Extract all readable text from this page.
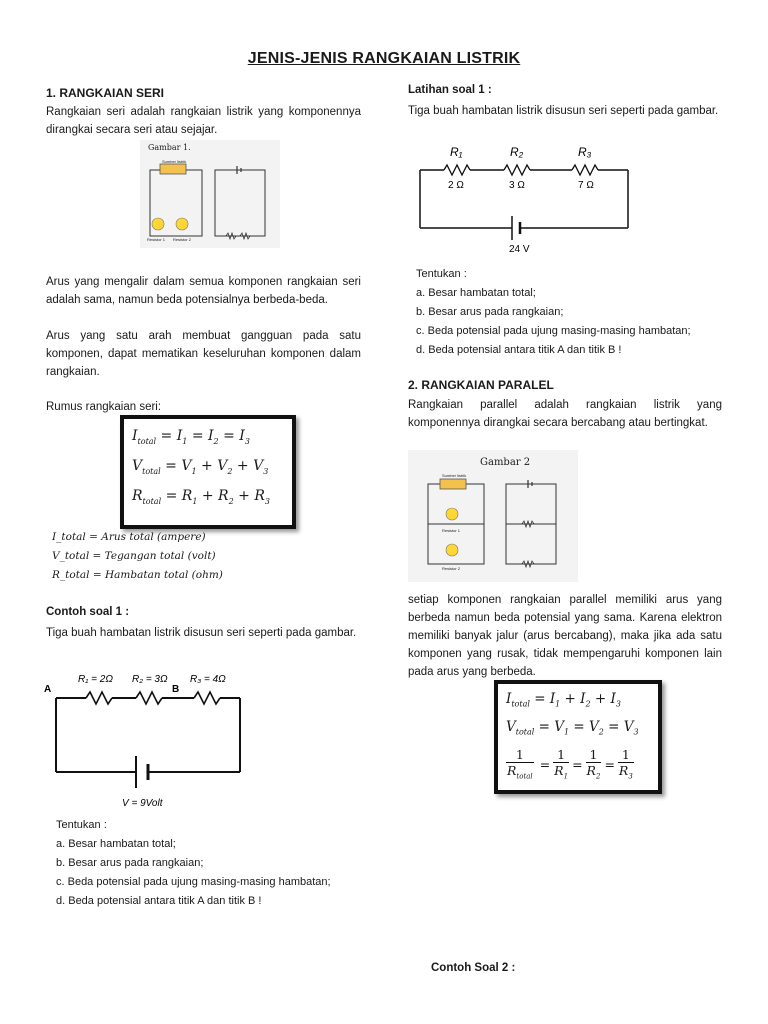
JENIS-JENIS RANGKAIAN LISTRIK
1. RANGKAIAN SERI
Rangkaian seri adalah rangkaian listrik yang komponennya dirangkai secara seri atau sejajar.
Gambar 1.
Sumber listrik
Resistor 1 Resistor 2
Arus yang mengalir dalam semua komponen rangkaian seri adalah sama, namun beda potensialnya berbeda-beda.
Arus yang satu arah membuat gangguan pada satu komponen, dapat mematikan keseluruhan komponen dalam rangkaian.
Rumus rangkaian seri:
$I_{total} = I_1 = I_2 = I_3$
$V_{total} = V_1 + V_2 + V_3$
$R_{total} = R_1 + R_2 + R_3$
I_total = Arus total (ampere)
V_total = Tegangan total (volt)
R_total = Hambatan total (ohm)
Contoh soal 1 :
Tiga buah hambatan listrik disusun seri seperti pada gambar.
A	B
R₁ = 2Ω R₂ = 3Ω R₃ = 4Ω
V = 9Volt
Tentukan :
a. Besar hambatan total;
b. Besar arus pada rangkaian;
c. Beda potensial pada ujung masing-masing hambatan;
d. Beda potensial antara titik A dan titik B !
Latihan soal 1 :
Tiga buah hambatan listrik disusun seri seperti pada gambar.
R₁	R₂	R₃
2 Ω	3 Ω	7 Ω
24 V
Tentukan :
a. Besar hambatan total;
b. Besar arus pada rangkaian;
c. Beda potensial pada ujung masing-masing hambatan;
d. Beda potensial antara titik A dan titik B !
2. RANGKAIAN PARALEL
Rangkaian parallel adalah rangkaian listrik yang komponennya dirangkai secara bercabang atau bertingkat.
Gambar 2
Sumber listrik
Resistor 1
Resistor 2
setiap komponen rangkaian parallel memiliki arus yang berbeda namun beda potensial yang sama. Karena elektron memiliki banyak jalur (arus bercabang), maka jika ada satu komponen yang rusak, tidak mempengaruhi komponen lain pada arus yang berbeda.
$I_{total} = I_1 + I_2 + I_3$
$V_{total} = V_1 = V_2 = V_3$
1
$R_{total}$
= $\frac{1}{R_1} = \frac{1}{R_2} = \frac{1}{R_3}$
Contoh Soal 2 :
